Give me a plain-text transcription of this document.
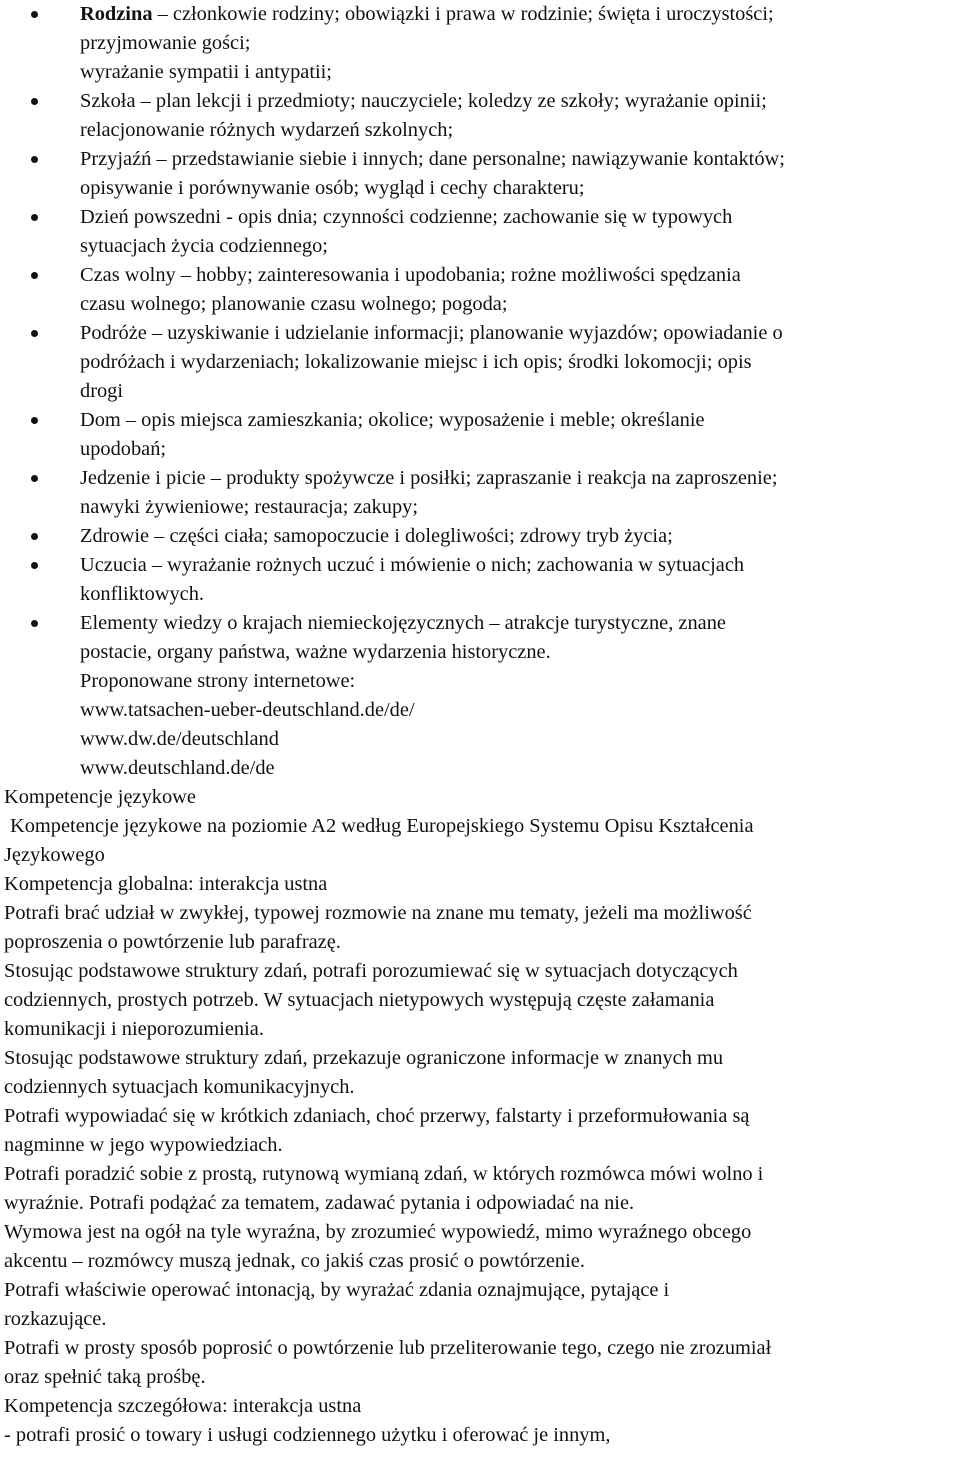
Rodzina – członkowie rodziny; obowiązki i prawa w rodzinie; święta i uroczystości;
przyjmowanie gości;
wyrażanie sympatii i antypatii;
Szkoła – plan lekcji i przedmioty; nauczyciele; koledzy ze szkoły; wyrażanie opinii;
relacjonowanie różnych wydarzeń szkolnych;
Przyjaźń – przedstawianie siebie i innych; dane personalne; nawiązywanie kontaktów;
opisywanie i porównywanie osób; wygląd i cechy charakteru;
Dzień powszedni - opis dnia; czynności codzienne; zachowanie się w typowych
sytuacjach życia codziennego;
Czas wolny – hobby; zainteresowania i upodobania; rożne możliwości spędzania
czasu wolnego; planowanie czasu wolnego; pogoda;
Podróże – uzyskiwanie i udzielanie informacji; planowanie wyjazdów; opowiadanie o
podróżach i wydarzeniach; lokalizowanie miejsc i ich opis; środki lokomocji; opis
drogi
Dom – opis miejsca zamieszkania; okolice; wyposażenie i meble; określanie
upodobań;
Jedzenie i picie – produkty spożywcze i posiłki; zapraszanie i reakcja na zaproszenie;
nawyki żywieniowe; restauracja; zakupy;
Zdrowie – części ciała; samopoczucie i dolegliwości; zdrowy tryb życia;
Uczucia – wyrażanie rożnych uczuć i mówienie o nich; zachowania w sytuacjach
konfliktowych.
Elementy wiedzy o krajach niemieckojęzycznych – atrakcje turystyczne, znane
postacie, organy państwa, ważne wydarzenia historyczne.
Proponowane strony internetowe:
www.tatsachen-ueber-deutschland.de/de/
www.dw.de/deutschland
www.deutschland.de/de
Kompetencje językowe
Kompetencje językowe na poziomie A2 według Europejskiego Systemu Opisu Kształcenia
Językowego
Kompetencja globalna: interakcja ustna
Potrafi brać udział w zwykłej, typowej rozmowie na znane mu tematy, jeżeli ma możliwość
poproszenia o powtórzenie lub parafrazę.
Stosując podstawowe struktury zdań, potrafi porozumiewać się w sytuacjach dotyczących
codziennych, prostych potrzeb. W sytuacjach nietypowych występują częste załamania
komunikacji i nieporozumienia.
Stosując podstawowe struktury zdań, przekazuje ograniczone informacje w znanych mu
codziennych sytuacjach komunikacyjnych.
Potrafi wypowiadać się w krótkich zdaniach, choć przerwy, falstarty i przeformułowania są
nagminne w jego wypowiedziach.
Potrafi poradzić sobie z prostą, rutynową wymianą zdań, w których rozmówca mówi wolno i
wyraźnie. Potrafi podążać za tematem, zadawać pytania i odpowiadać na nie.
Wymowa jest na ogół na tyle wyraźna, by zrozumieć wypowiedź, mimo wyraźnego obcego
akcentu – rozmówcy muszą jednak, co jakiś czas prosić o powtórzenie.
Potrafi właściwie operować intonacją, by wyrażać zdania oznajmujące, pytające i
rozkazujące.
Potrafi w prosty sposób poprosić o powtórzenie lub przeliterowanie tego, czego nie zrozumiał
oraz spełnić taką prośbę.
Kompetencja szczegółowa: interakcja ustna
- potrafi prosić o towary i usługi codziennego użytku i oferować je innym,
